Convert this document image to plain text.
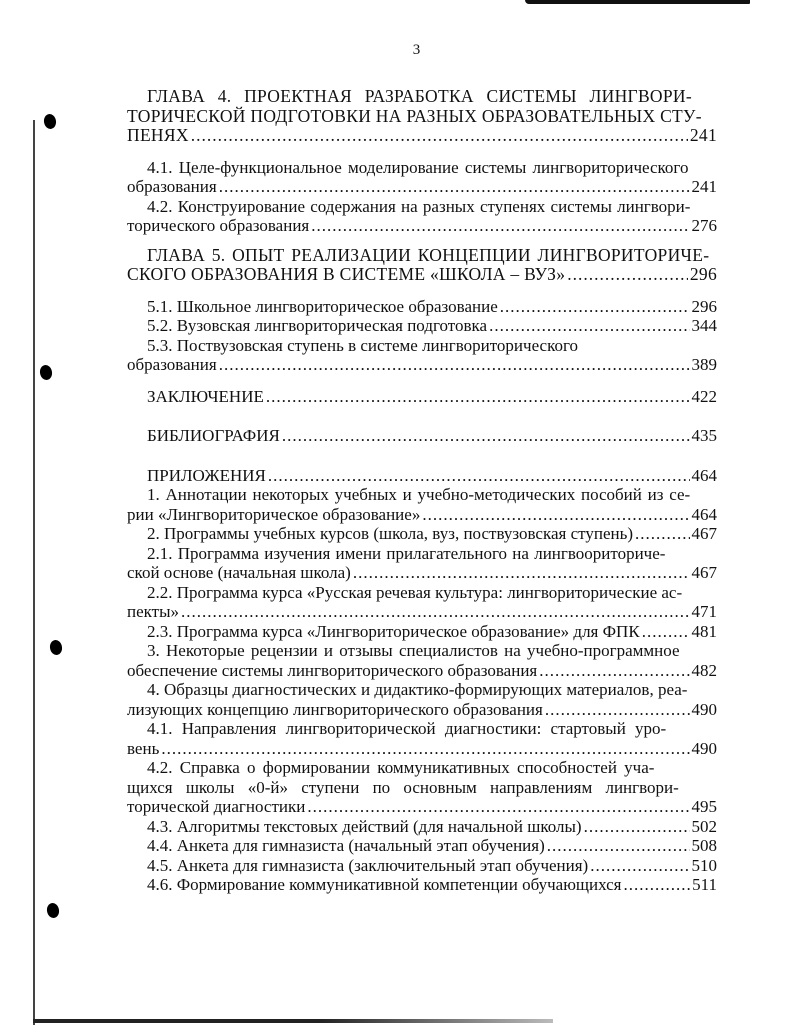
3
ГЛАВА 4. ПРОЕКТНАЯ РАЗРАБОТКА СИСТЕМЫ ЛИНГВОРИ-
ТОРИЧЕСКОЙ ПОДГОТОВКИ НА РАЗНЫХ ОБРАЗОВАТЕЛЬНЫХ СТУ-
ПЕНЯХ .....	241
4.1. Целе-функциональное моделирование системы лингвориторического
образования .....	241
4.2. Конструирование содержания на разных ступенях системы лингвори-
торического образования .....	276
ГЛАВА 5. ОПЫТ РЕАЛИЗАЦИИ КОНЦЕПЦИИ ЛИНГВОРИТОРИЧЕ-
СКОГО ОБРАЗОВАНИЯ В СИСТЕМЕ «ШКОЛА – ВУЗ» .....	296
5.1. Школьное лингвориторическое образование .....	296
5.2. Вузовская лингвориторическая подготовка .....	344
5.3. Поствузовская ступень в системе лингвориторического
образования .....	389
ЗАКЛЮЧЕНИЕ .....	422
БИБЛИОГРАФИЯ .....	435
ПРИЛОЖЕНИЯ .....	464
1. Аннотации некоторых учебных и учебно-методических пособий из се-
рии «Лингвориторическое образование» .....	464
2. Программы учебных курсов (школа, вуз, поствузовская ступень) .....	467
2.1. Программа изучения имени прилагательного на лингвоориториче-
ской основе (начальная школа) .....	467
2.2. Программа курса «Русская речевая культура: лингвориторические ас-
пекты» .....	471
2.3. Программа курса «Лингвориторическое образование» для ФПК .....	481
3. Некоторые рецензии и отзывы специалистов на учебно-программное
обеспечение системы лингвориторического образования .....	482
4. Образцы диагностических и дидактико-формирующих материалов, реа-
лизующих концепцию лингвориторического образования .....	490
4.1. Направления лингвориторической диагностики: стартовый уро-
вень .....	490
4.2. Справка о формировании коммуникативных способностей уча-
щихся школы «0-й» ступени по основным направлениям лингвори-
торической диагностики .....	495
4.3. Алгоритмы текстовых действий (для начальной школы) .....	502
4.4. Анкета для гимназиста (начальный этап обучения) .....	508
4.5. Анкета для гимназиста (заключительный этап обучения) .....	510
4.6. Формирование коммуникативной компетенции обучающихся .....	511
